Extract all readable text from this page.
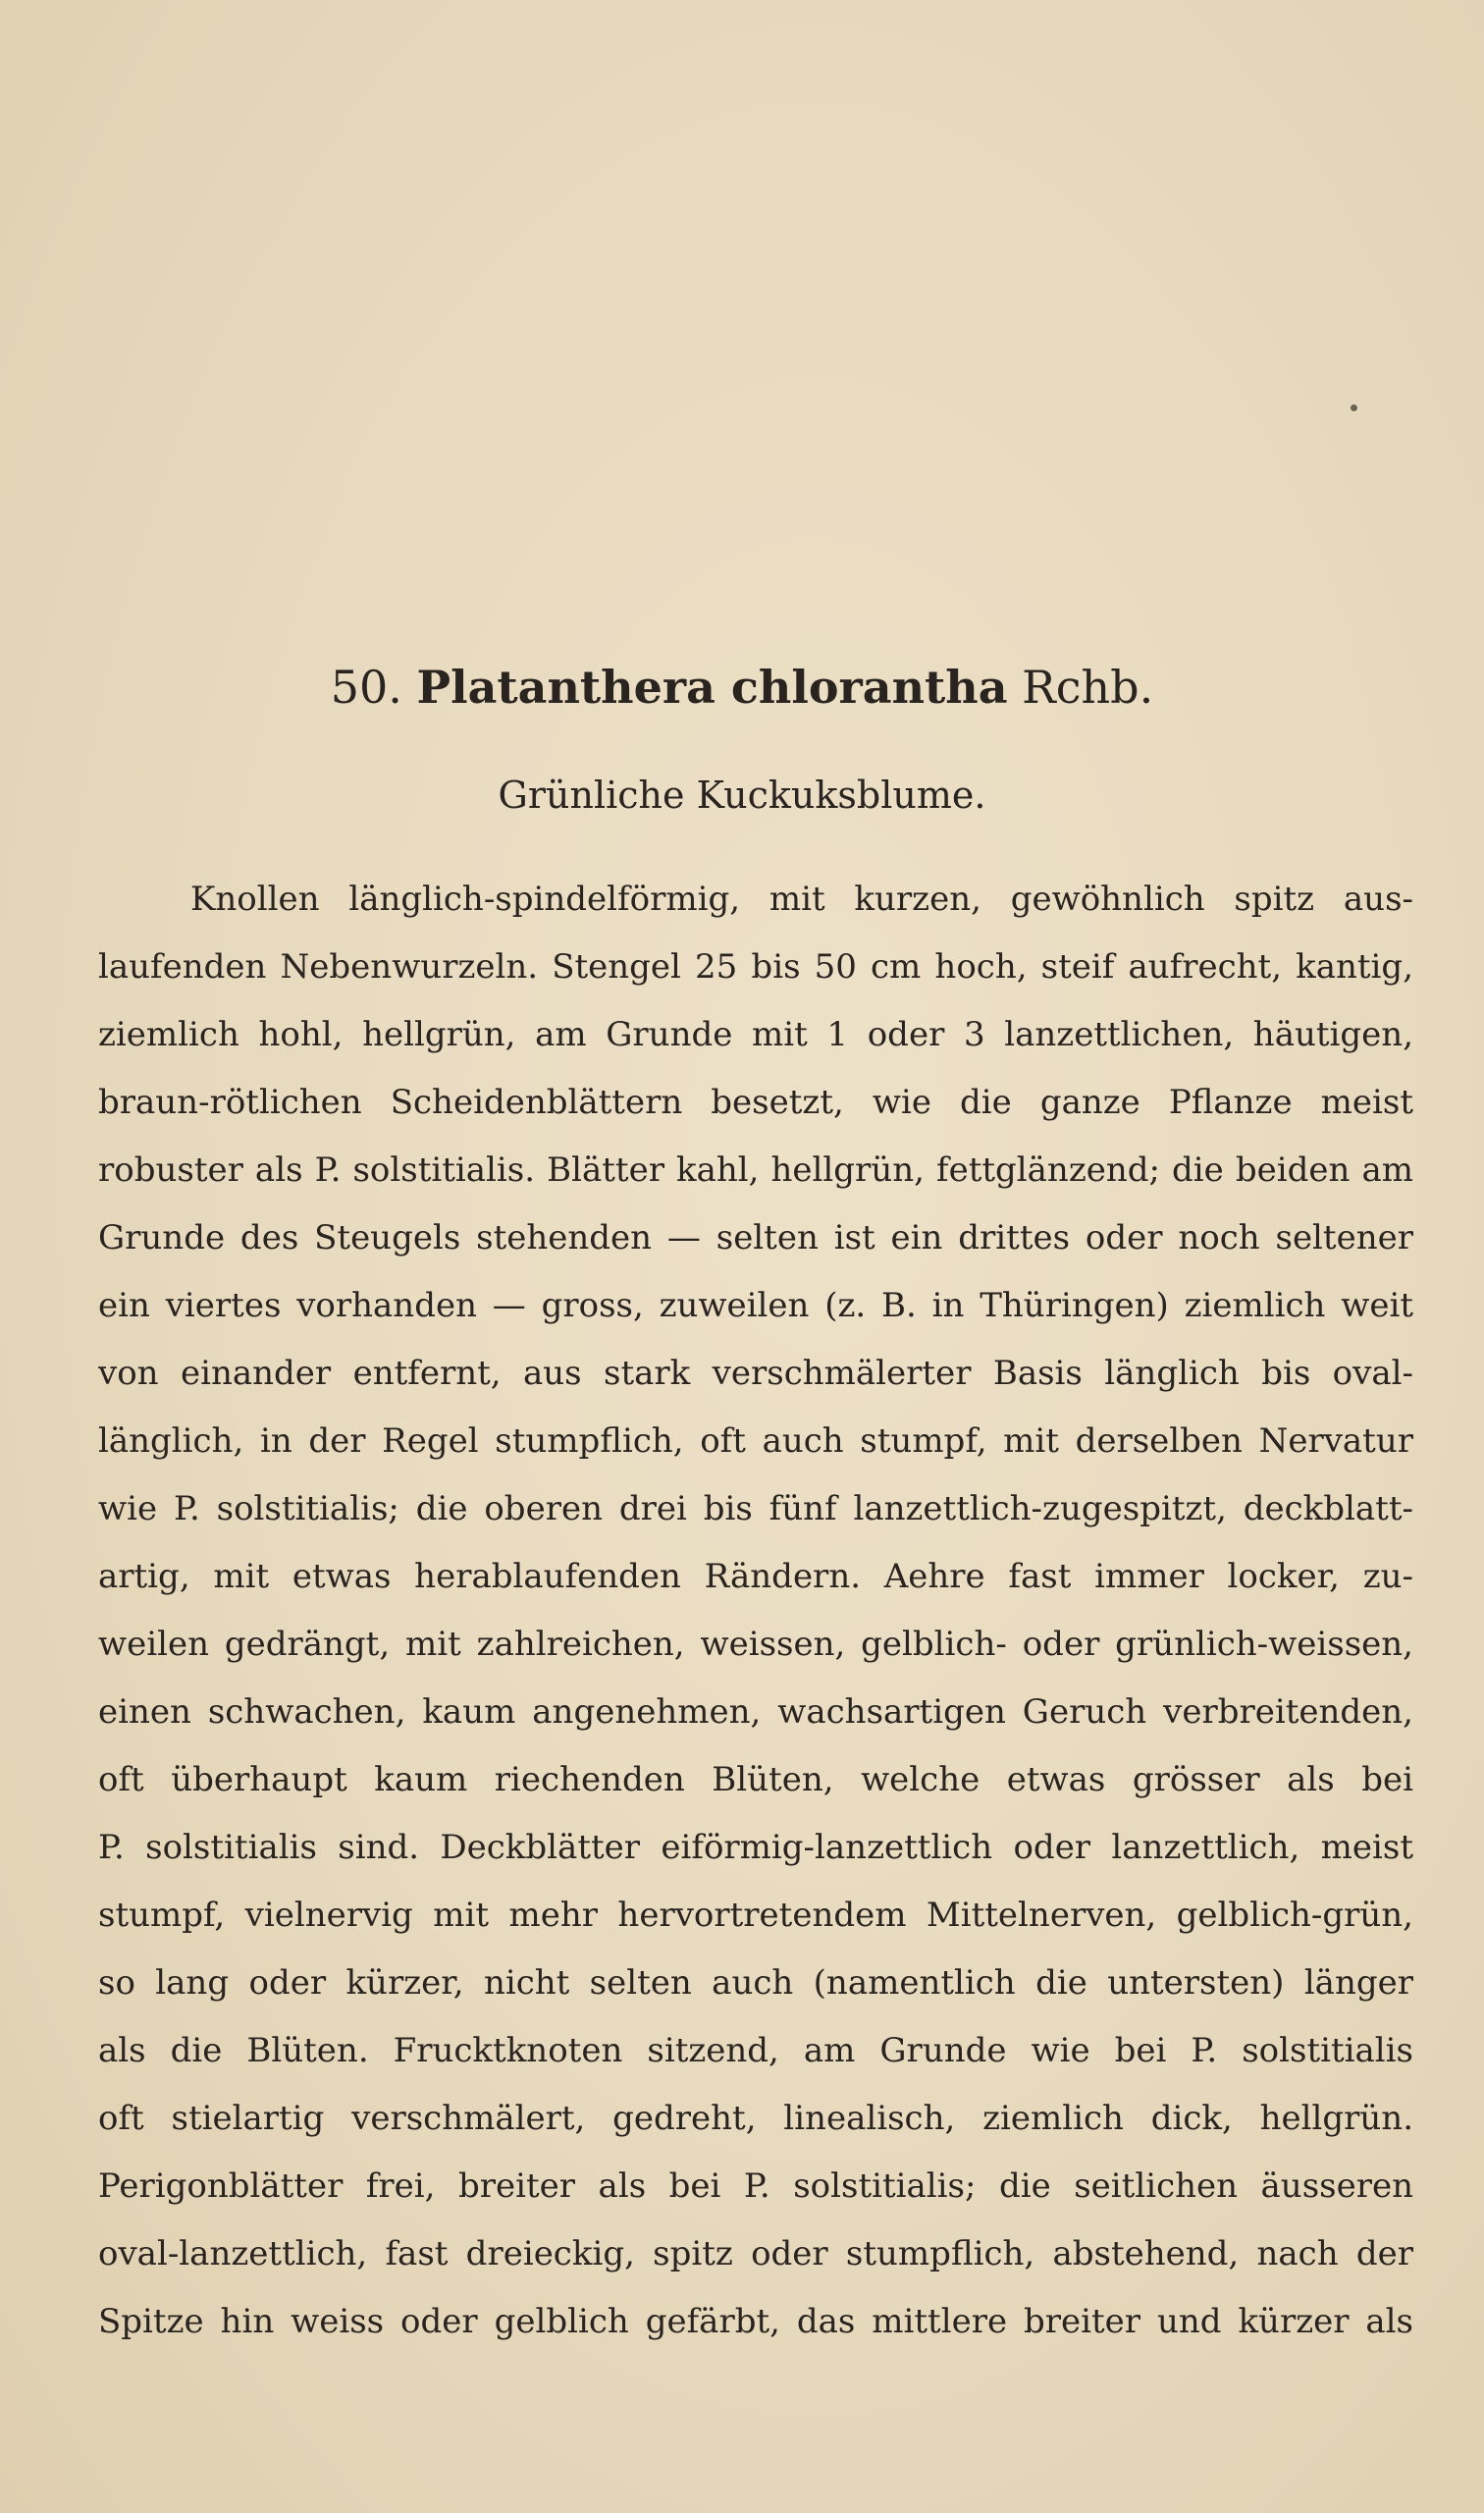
50. Platanthera chlorantha Rchb.
Grünliche Kuckuksblume.
Knollen länglich-spindelförmig, mit kurzen, gewöhnlich spitz aus-
laufenden Nebenwurzeln. Stengel 25 bis 50 cm hoch, steif aufrecht, kantig,
ziemlich hohl, hellgrün, am Grunde mit 1 oder 3 lanzettlichen, häutigen,
braun-rötlichen Scheidenblättern besetzt, wie die ganze Pflanze meist
robuster als P. solstitialis. Blätter kahl, hellgrün, fettglänzend; die beiden am
Grunde des Steugels stehenden — selten ist ein drittes oder noch seltener
ein viertes vorhanden — gross, zuweilen (z. B. in Thüringen) ziemlich weit
von einander entfernt, aus stark verschmälerter Basis länglich bis oval-
länglich, in der Regel stumpflich, oft auch stumpf, mit derselben Nervatur
wie P. solstitialis; die oberen drei bis fünf lanzettlich-zugespitzt, deckblatt-
artig, mit etwas herablaufenden Rändern. Aehre fast immer locker, zu-
weilen gedrängt, mit zahlreichen, weissen, gelblich- oder grünlich-weissen,
einen schwachen, kaum angenehmen, wachsartigen Geruch verbreitenden,
oft überhaupt kaum riechenden Blüten, welche etwas grösser als bei
P. solstitialis sind. Deckblätter eiförmig-lanzettlich oder lanzettlich, meist
stumpf, vielnervig mit mehr hervortretendem Mittelnerven, gelblich-grün,
so lang oder kürzer, nicht selten auch (namentlich die untersten) länger
als die Blüten. Frucktknoten sitzend, am Grunde wie bei P. solstitialis
oft stielartig verschmälert, gedreht, linealisch, ziemlich dick, hellgrün.
Perigonblätter frei, breiter als bei P. solstitialis; die seitlichen äusseren
oval-lanzettlich, fast dreieckig, spitz oder stumpflich, abstehend, nach der
Spitze hin weiss oder gelblich gefärbt, das mittlere breiter und kürzer als
